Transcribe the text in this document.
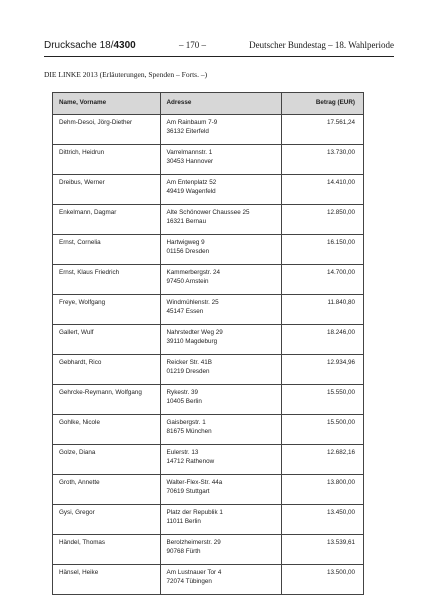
Drucksache 18/4300	– 170 –	Deutscher Bundestag – 18. Wahlperiode
DIE LINKE 2013 (Erläuterungen, Spenden – Forts. –)
Name, Vorname	Adresse	Betrag (EUR)
Dehm-Desoi, Jörg-Diether	Am Rainbaum 7-9
36132 Eiterfeld	17.561,24
Dittrich, Heidrun	Varrelmannstr. 1
30453 Hannover	13.730,00
Dreibus, Werner	Am Entenplatz 52
49419 Wagenfeld	14.410,00
Enkelmann, Dagmar	Alte Schönower Chaussee 25
16321 Bernau	12.850,00
Ernst, Cornelia	Hartwigweg 9
01156 Dresden	16.150,00
Ernst, Klaus Friedrich	Kammerbergstr. 24
97450 Arnstein	14.700,00
Freye, Wolfgang	Windmühlenstr. 25
45147 Essen	11.840,80
Gallert, Wulf	Nahrstedter Weg 29
39110 Magdeburg	18.246,00
Gebhardt, Rico	Reicker Str. 41B
01219 Dresden	12.934,96
Gehrcke-Reymann, Wolfgang	Rykestr. 39
10405 Berlin	15.550,00
Gohlke, Nicole	Gaisbergstr. 1
81675 München	15.500,00
Golze, Diana	Eulerstr. 13
14712 Rathenow	12.682,16
Groth, Annette	Walter-Flex-Str. 44a
70619 Stuttgart	13.800,00
Gysi, Gregor	Platz der Republik 1
11011 Berlin	13.450,00
Händel, Thomas	Berolzheimerstr. 29
90768 Fürth	13.539,61
Hänsel, Heike	Am Lustnauer Tor 4
72074 Tübingen	13.500,00
